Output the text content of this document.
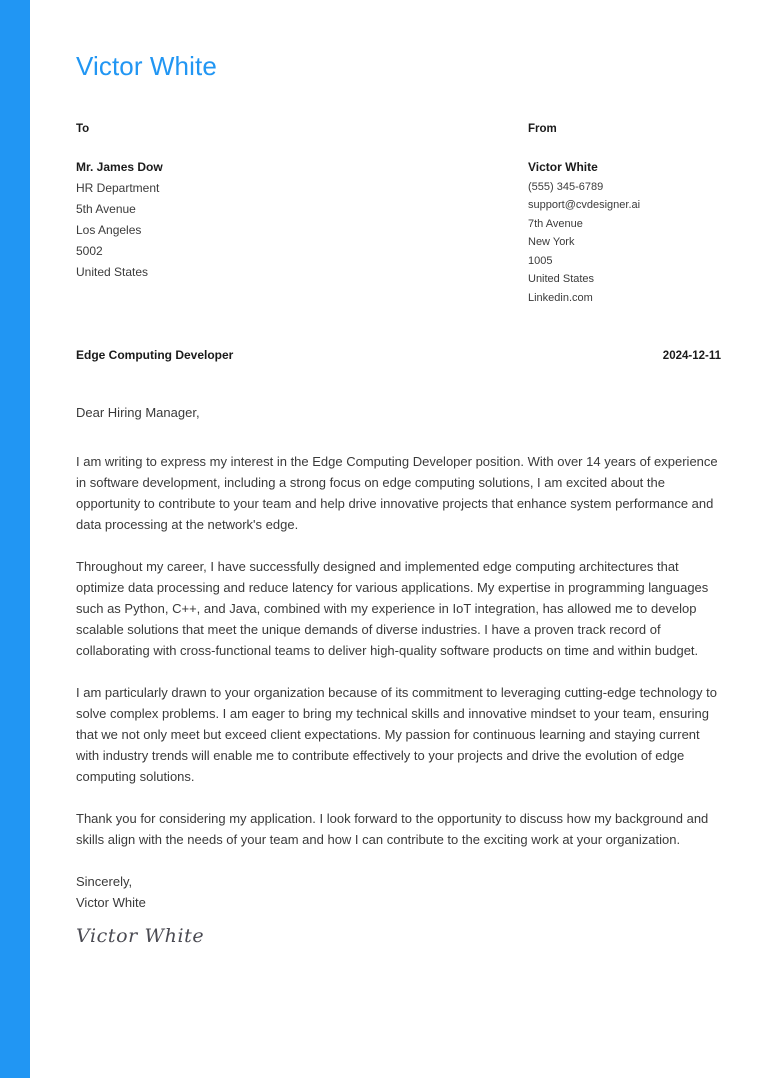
Victor White
To
Mr. James Dow
HR Department
5th Avenue
Los Angeles
5002
United States
From
Victor White
(555) 345-6789
support@cvdesigner.ai
7th Avenue
New York
1005
United States
Linkedin.com
Edge Computing Developer	2024-12-11
Dear Hiring Manager,

I am writing to express my interest in the Edge Computing Developer position. With over 14 years of experience in software development, including a strong focus on edge computing solutions, I am excited about the opportunity to contribute to your team and help drive innovative projects that enhance system performance and data processing at the network's edge.

Throughout my career, I have successfully designed and implemented edge computing architectures that optimize data processing and reduce latency for various applications. My expertise in programming languages such as Python, C++, and Java, combined with my experience in IoT integration, has allowed me to develop scalable solutions that meet the unique demands of diverse industries. I have a proven track record of collaborating with cross-functional teams to deliver high-quality software products on time and within budget.

I am particularly drawn to your organization because of its commitment to leveraging cutting-edge technology to solve complex problems. I am eager to bring my technical skills and innovative mindset to your team, ensuring that we not only meet but exceed client expectations. My passion for continuous learning and staying current with industry trends will enable me to contribute effectively to your projects and drive the evolution of edge computing solutions.

Thank you for considering my application. I look forward to the opportunity to discuss how my background and skills align with the needs of your team and how I can contribute to the exciting work at your organization.

Sincerely,
Victor White
Victor White
